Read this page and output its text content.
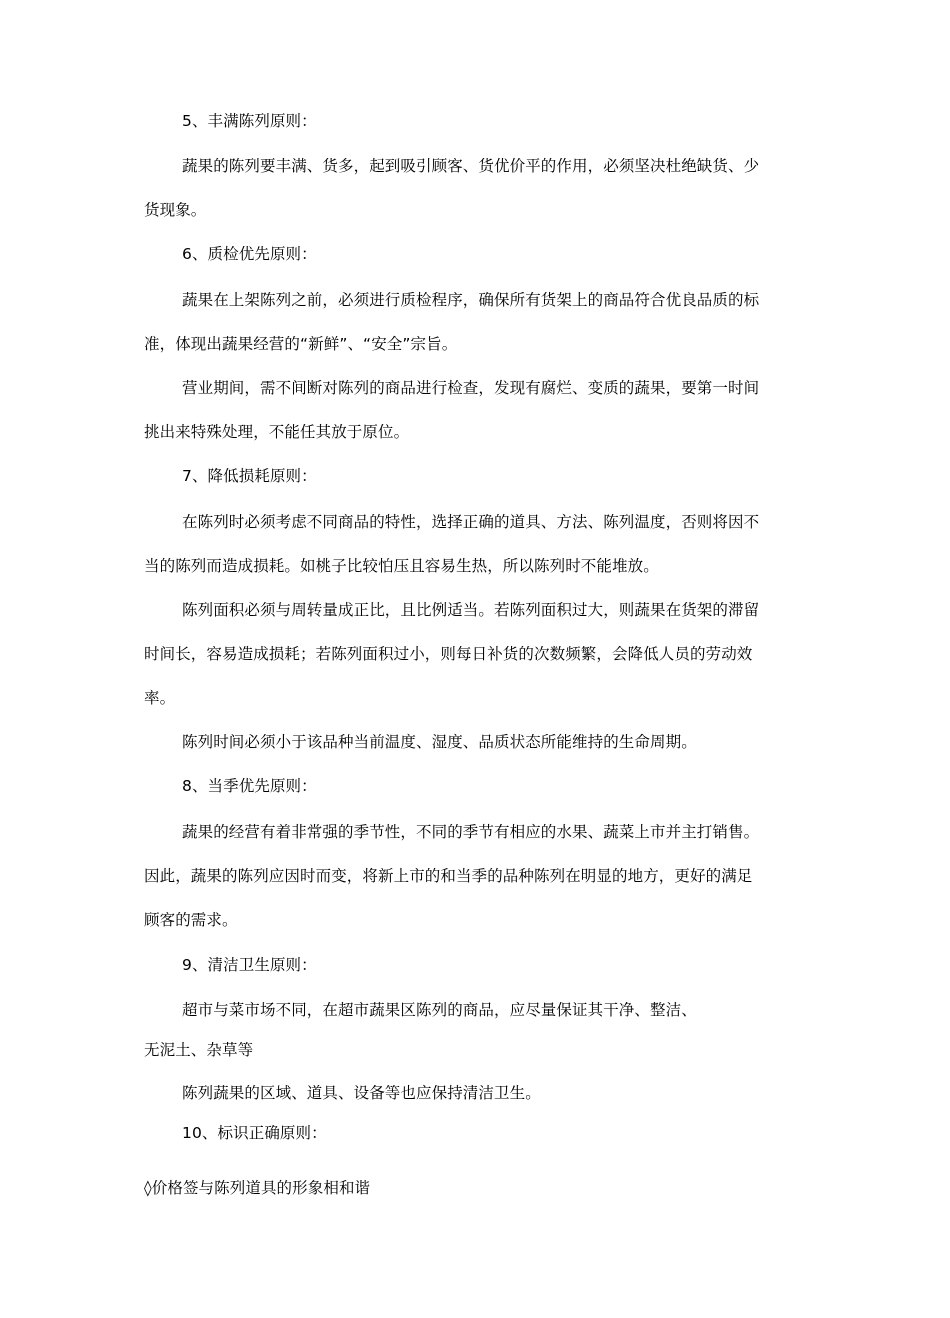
5、丰满陈列原则：
蔬果的陈列要丰满、货多，起到吸引顾客、货优价平的作用，必须坚决杜绝缺货、少
货现象。
6、质检优先原则：
蔬果在上架陈列之前，必须进行质检程序，确保所有货架上的商品符合优良品质的标
准，体现出蔬果经营的“新鲜”、“安全”宗旨。
营业期间，需不间断对陈列的商品进行检查，发现有腐烂、变质的蔬果，要第一时间
挑出来特殊处理，不能任其放于原位。
7、降低损耗原则：
在陈列时必须考虑不同商品的特性，选择正确的道具、方法、陈列温度，否则将因不
当的陈列而造成损耗。如桃子比较怕压且容易生热，所以陈列时不能堆放。
陈列面积必须与周转量成正比，且比例适当。若陈列面积过大，则蔬果在货架的滞留
时间长，容易造成损耗；若陈列面积过小，则每日补货的次数频繁，会降低人员的劳动效
率。
陈列时间必须小于该品种当前温度、湿度、品质状态所能维持的生命周期。
8、当季优先原则：
蔬果的经营有着非常强的季节性，不同的季节有相应的水果、蔬菜上市并主打销售。
因此，蔬果的陈列应因时而变，将新上市的和当季的品种陈列在明显的地方，更好的满足
顾客的需求。
9、清洁卫生原则：
超市与菜市场不同，在超市蔬果区陈列的商品，应尽量保证其干净、整洁、
无泥土、杂草等
陈列蔬果的区域、道具、设备等也应保持清洁卫生。
10、标识正确原则：
◊价格签与陈列道具的形象相和谐
